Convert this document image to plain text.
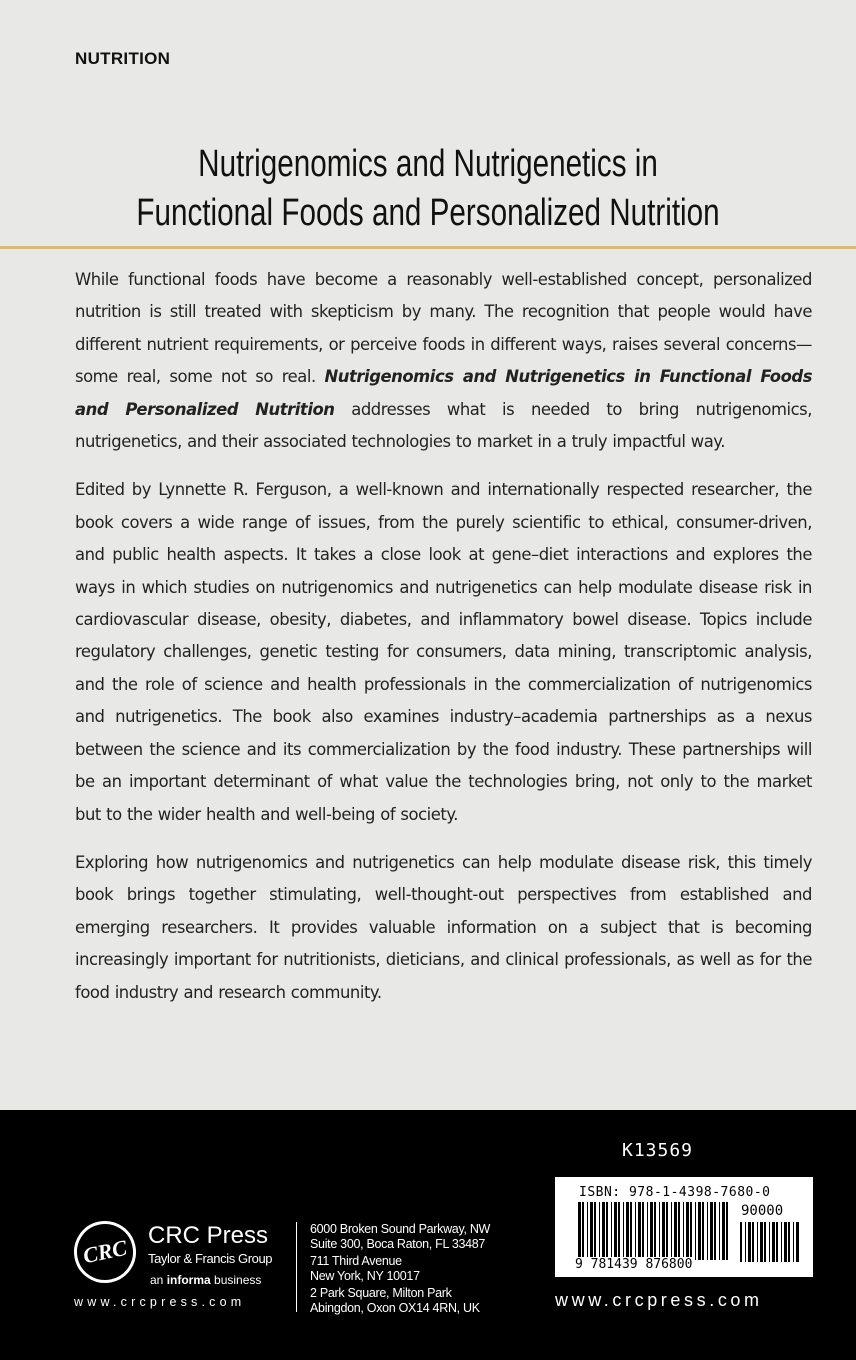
NUTRITION
Nutrigenomics and Nutrigenetics in
Functional Foods and Personalized Nutrition

While functional foods have become a reasonably well-established concept, personalized nutrition is still treated with skepticism by many. The recognition that people would have different nutrient requirements, or perceive foods in different ways, raises several concerns—some real, some not so real. Nutrigenomics and Nutrigenetics in Functional Foods and Personalized Nutrition addresses what is needed to bring nutrigenomics, nutrigenetics, and their associated technologies to market in a truly impactful way.

Edited by Lynnette R. Ferguson, a well-known and internationally respected researcher, the book covers a wide range of issues, from the purely scientific to ethical, consumer-driven, and public health aspects. It takes a close look at gene–diet interactions and explores the ways in which studies on nutrigenomics and nutrigenetics can help modulate disease risk in cardiovascular disease, obesity, diabetes, and inflammatory bowel disease. Topics include regulatory challenges, genetic testing for consumers, data mining, transcriptomic analysis, and the role of science and health professionals in the commercialization of nutrigenomics and nutrigenetics. The book also examines industry–academia partnerships as a nexus between the science and its commercialization by the food industry. These partnerships will be an important determinant of what value the technologies bring, not only to the market but to the wider health and well-being of society.

Exploring how nutrigenomics and nutrigenetics can help modulate disease risk, this timely book brings together stimulating, well-thought-out perspectives from established and emerging researchers. It provides valuable information on a subject that is becoming increasingly important for nutritionists, dieticians, and clinical professionals, as well as for the food industry and research community.

CRC CRC Press
Taylor & Francis Group
an informa business
www.crcpress.com
6000 Broken Sound Parkway, NW
Suite 300, Boca Raton, FL 33487
711 Third Avenue
New York, NY 10017
2 Park Square, Milton Park
Abingdon, Oxon OX14 4RN, UK
K13569
ISBN: 978-1-4398-7680-0
90000
9 781439 876800
www.crcpress.com
